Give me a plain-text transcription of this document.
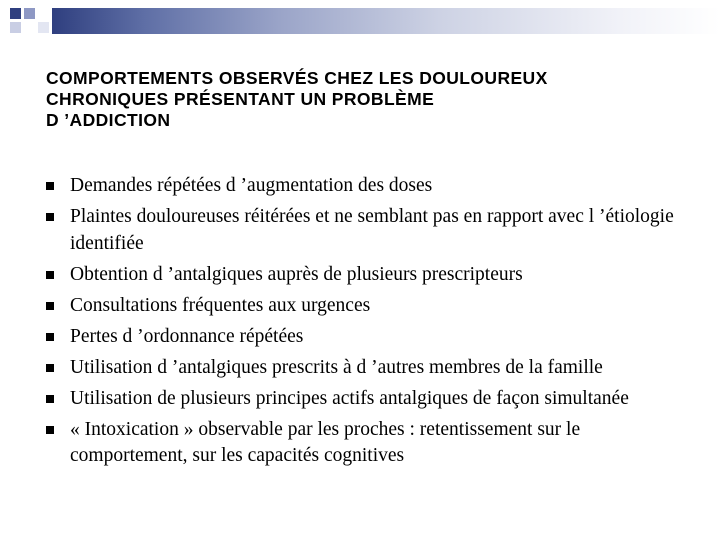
COMPORTEMENTS OBSERVÉS CHEZ LES DOULOUREUX
CHRONIQUES PRÉSENTANT UN PROBLÈME
D ’ADDICTION
Demandes répétées d ’augmentation des doses
Plaintes douloureuses réitérées et ne semblant pas en rapport avec l ’étiologie identifiée
Obtention d ’antalgiques auprès de plusieurs prescripteurs
Consultations fréquentes aux urgences
Pertes d ’ordonnance répétées
Utilisation d ’antalgiques prescrits à d ’autres membres de la famille
Utilisation de plusieurs principes actifs antalgiques de façon simultanée
« Intoxication » observable par les proches : retentissement sur le comportement, sur les capacités cognitives
